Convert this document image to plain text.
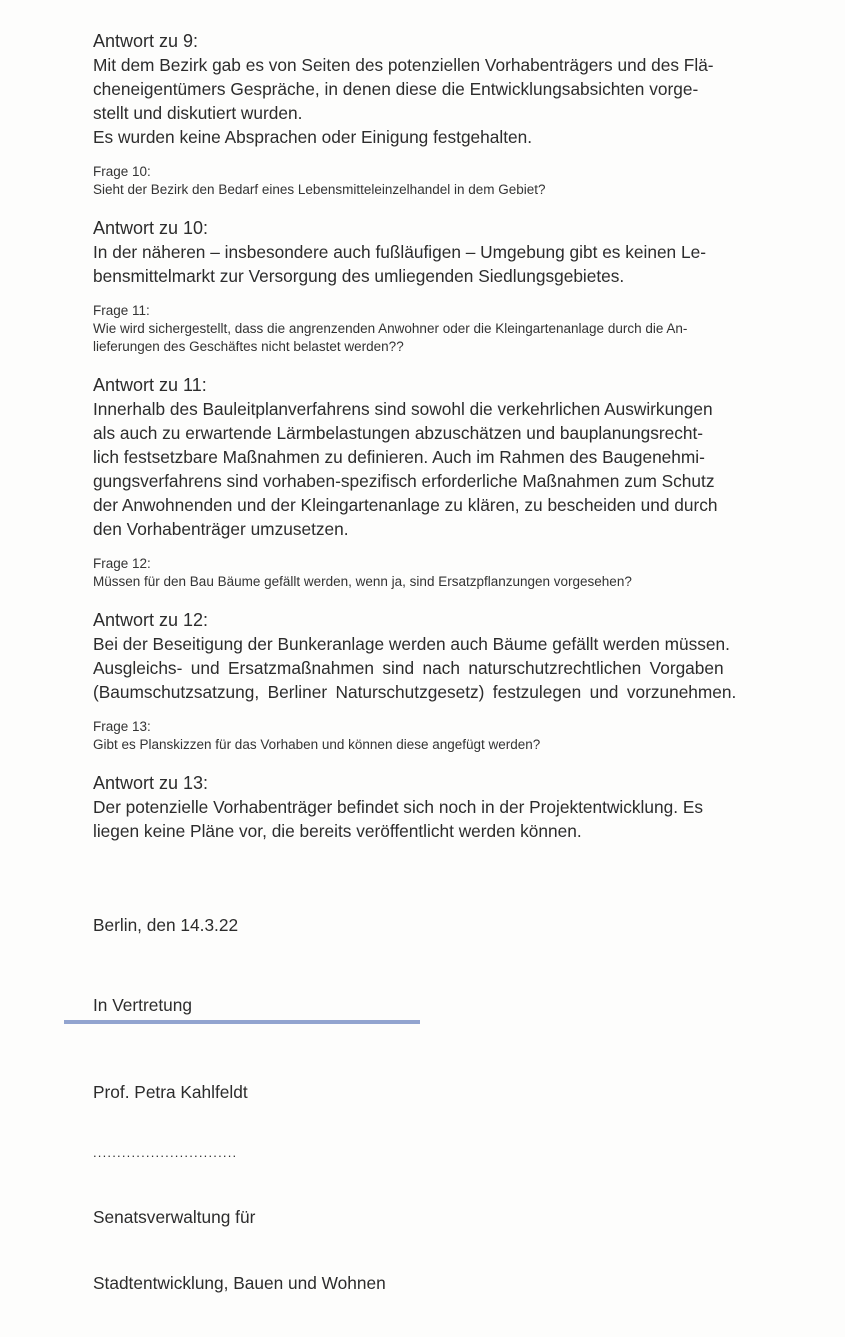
Antwort zu 9:
Mit dem Bezirk gab es von Seiten des potenziellen Vorhabenträgers und des Flä-
cheneigentümers Gespräche, in denen diese die Entwicklungsabsichten vorge-
stellt und diskutiert wurden.
Es wurden keine Absprachen oder Einigung festgehalten.
Frage 10:
Sieht der Bezirk den Bedarf eines Lebensmitteleinzelhandel in dem Gebiet?
Antwort zu 10:
In der näheren – insbesondere auch fußläufigen – Umgebung gibt es keinen Le-
bensmittelmarkt zur Versorgung des umliegenden Siedlungsgebietes.
Frage 11:
Wie wird sichergestellt, dass die angrenzenden Anwohner oder die Kleingartenanlage durch die An-
lieferungen des Geschäftes nicht belastet werden??
Antwort zu 11:
Innerhalb des Bauleitplanverfahrens sind sowohl die verkehrlichen Auswirkungen
als auch zu erwartende Lärmbelastungen abzuschätzen und bauplanungsrecht-
lich festsetzbare Maßnahmen zu definieren. Auch im Rahmen des Baugenehmi-
gungsverfahrens sind vorhaben-spezifisch erforderliche Maßnahmen zum Schutz
der Anwohnenden und der Kleingartenanlage zu klären, zu bescheiden und durch
den Vorhabenträger umzusetzen.
Frage 12:
Müssen für den Bau Bäume gefällt werden, wenn ja, sind Ersatzpflanzungen vorgesehen?
Antwort zu 12:
Bei der Beseitigung der Bunkeranlage werden auch Bäume gefällt werden müssen.
Ausgleichs- und Ersatzmaßnahmen sind nach naturschutzrechtlichen Vorgaben
(Baumschutzsatzung, Berliner Naturschutzgesetz) festzulegen und vorzunehmen.
Frage 13:
Gibt es Planskizzen für das Vorhaben und können diese angefügt werden?
Antwort zu 13:
Der potenzielle Vorhabenträger befindet sich noch in der Projektentwicklung. Es
liegen keine Pläne vor, die bereits veröffentlicht werden können.

Berlin, den 14.3.22

In Vertretung

Prof. Petra Kahlfeldt

..............................

Senatsverwaltung für

Stadtentwicklung, Bauen und Wohnen
